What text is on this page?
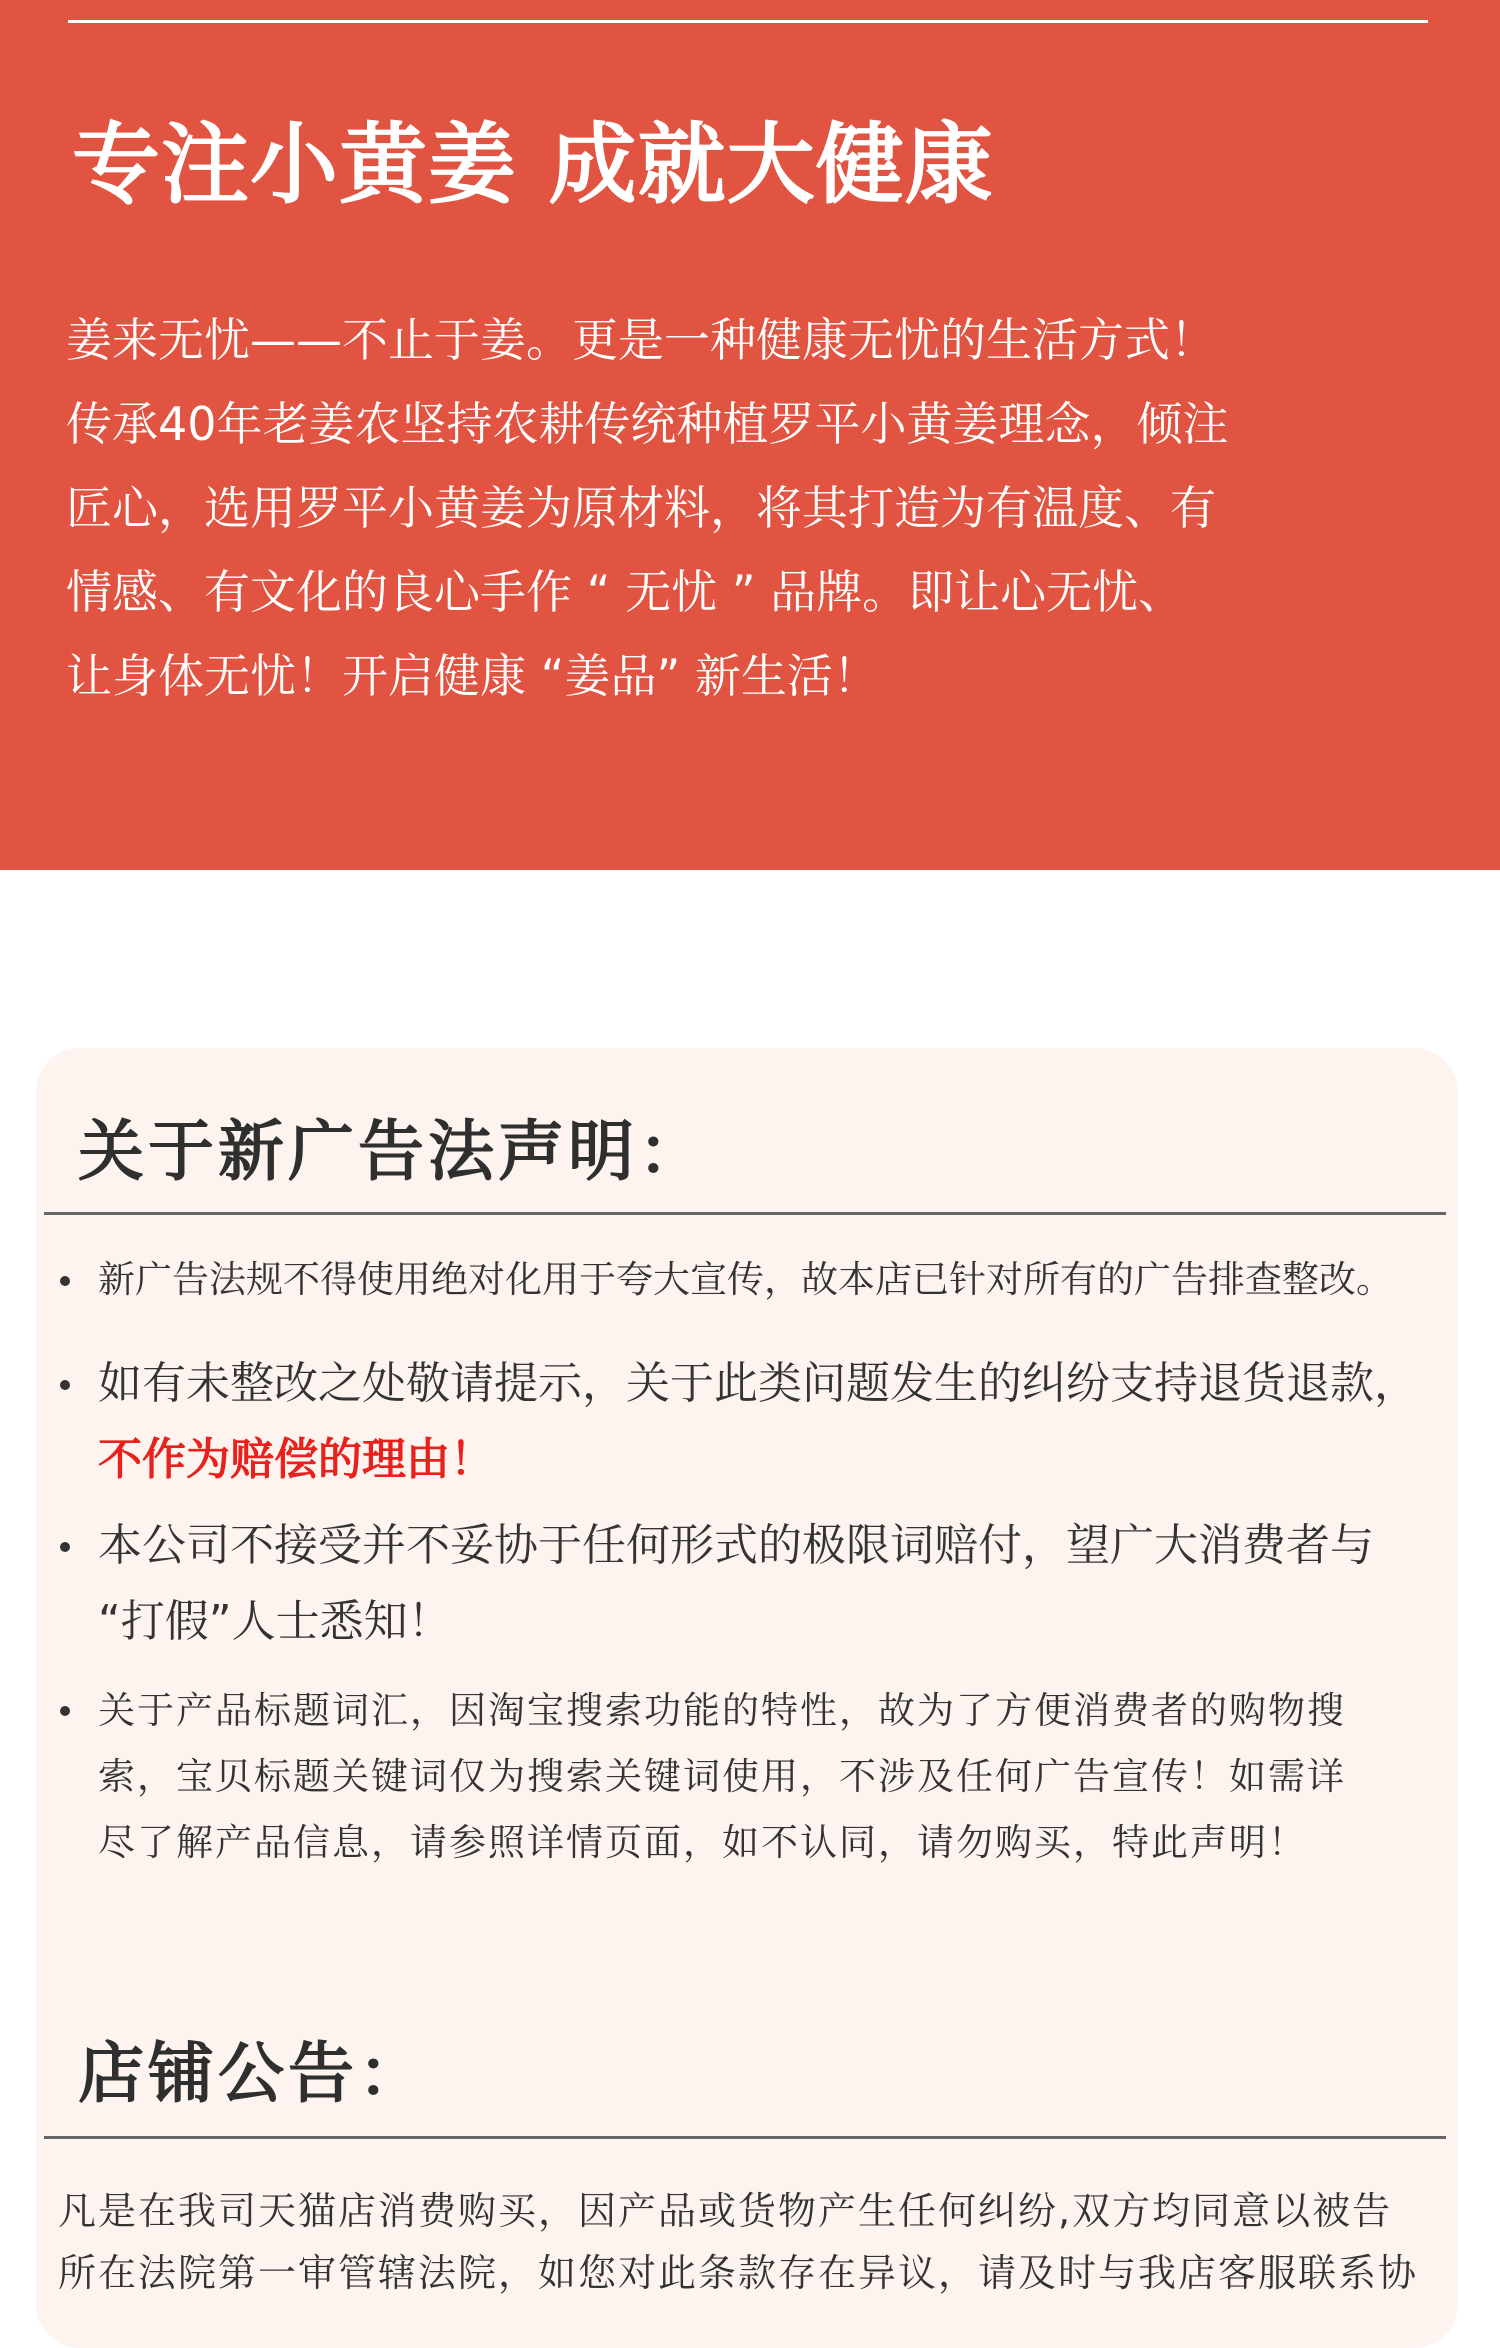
专注小黄姜 成就大健康

姜来无忧——不止于姜。更是一种健康无忧的生活方式！

传承40年老姜农坚持农耕传统种植罗平小黄姜理念，倾注

匠心，选用罗平小黄姜为原材料，将其打造为有温度、有

情感、有文化的良心手作 “ 无忧 ” 品牌。即让心无忧、

让身体无忧！开启健康 “姜品” 新生活！

关于新广告法声明：
新广告法规不得使用绝对化用于夸大宣传，故本店已针对所有的广告排查整改。
如有未整改之处敬请提示，关于此类问题发生的纠纷支持退货退款，
不作为赔偿的理由！
本公司不接受并不妥协于任何形式的极限词赔付，望广大消费者与
“打假”人士悉知！
关于产品标题词汇，因淘宝搜索功能的特性，故为了方便消费者的购物搜
索，宝贝标题关键词仅为搜索关键词使用，不涉及任何广告宣传！如需详
尽了解产品信息，请参照详情页面，如不认同，请勿购买，特此声明！
店铺公告：
凡是在我司天猫店消费购买，因产品或货物产生任何纠纷,双方均同意以被告
所在法院第一审管辖法院，如您对此条款存在异议，请及时与我店客服联系协
